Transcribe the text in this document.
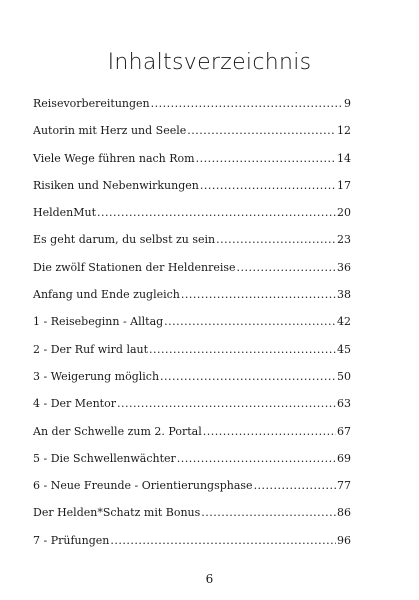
Inhaltsverzeichnis
Reisevorbereitungen .....	9
Autorin mit Herz und Seele .....	12
Viele Wege führen nach Rom .....	14
Risiken und Nebenwirkungen .....	17
HeldenMut .....	20
Es geht darum, du selbst zu sein .....	23
Die zwölf Stationen der Heldenreise .....	36
Anfang und Ende zugleich .....	38
1 - Reisebeginn - Alltag .....	42
2 - Der Ruf wird laut .....	45
3 - Weigerung möglich .....	50
4 - Der Mentor .....	63
An der Schwelle zum 2. Portal .....	67
5 - Die Schwellenwächter .....	69
6 - Neue Freunde - Orientierungsphase .....	77
Der Helden*Schatz mit Bonus .....	86
7 - Prüfungen .....	96
6
